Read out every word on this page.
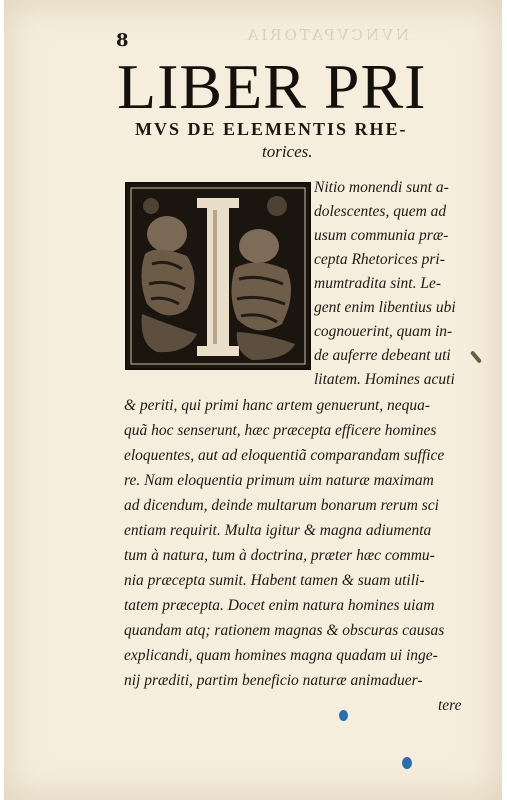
NVNCVPATORIA
8
LIBER PRI
MVS DE ELEMENTIS RHE-
torices.
Nitio monendi sunt a-
dolescentes, quem ad
usum communia præ-
cepta Rhetorices pri-
mumtradita sint. Le-
gent enim libentius ubi
cognouerint, quam in-
de auferre debeant uti
litatem. Homines acuti
& periti, qui primi hanc artem genuerunt, nequa-
quã hoc senserunt, hæc præcepta efficere homines
eloquentes, aut ad eloquentiã comparandam suffice
re. Nam eloquentia primum uim naturæ maximam
ad dicendum, deinde multarum bonarum rerum sci
entiam requirit. Multa igitur & magna adiumenta
tum à natura, tum à doctrina, præter hæc commu-
nia præcepta sumit. Habent tamen & suam utili-
tatem præcepta. Docet enim natura homines uiam
quandam atq; rationem magnas & obscuras causas
explicandi, quam homines magna quadam ui inge-
nij præditi, partim beneficio naturæ animaduer-
tere
